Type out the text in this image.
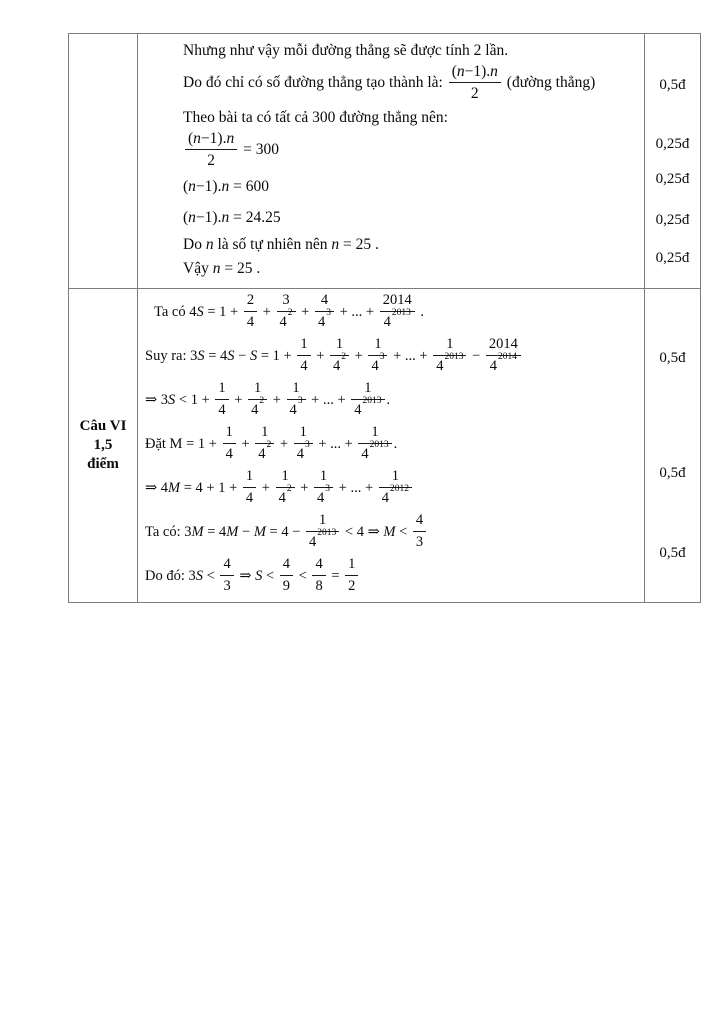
Nhưng như vậy mỗi đường thẳng sẽ được tính 2 lần.
Do đó chỉ có số đường thẳng tạo thành là: $\frac{(n-1).n}{2}$ (đường thẳng)
Theo bài ta có tất cả 300 đường thẳng nên:
$\frac{(n-1).n}{2} = 300$
(n−1).n = 600
(n−1).n = 24.25
Do n là số tự nhiên nên n = 25 .
Vậy n = 25 .
0,5đ
0,25đ
0,25đ
0,25đ
0,25đ
Câu VI
1,5
điểm
Ta có $4S = 1 + \frac{2}{4} + \frac{3}{4^2} + \frac{4}{4^3}$ + ... + $\frac{2014}{4^{2013}}$ .
Suy ra: $3S = 4S - S = 1 + \frac{1}{4} + \frac{1}{4^2} + \frac{1}{4^3}$ + ... + $\frac{1}{4^{2013}} - \frac{2014}{4^{2014}}$
⇒ $3S < 1 + \frac{1}{4} + \frac{1}{4^2} + \frac{1}{4^3}$ + ... + $\frac{1}{4^{2013}}$ .
Đặt $M = 1 + \frac{1}{4} + \frac{1}{4^2} + \frac{1}{4^3}$ + ... + $\frac{1}{4^{2013}}$ .
⇒ $4M = 4 + 1 + \frac{1}{4} + \frac{1}{4^2} + \frac{1}{4^3}$ + ... + $\frac{1}{4^{2012}}$
Ta có: $3M = 4M - M = 4 - \frac{1}{4^{2013}} < 4$ ⇒ $M < \frac{4}{3}$
Do đó: $3S < \frac{4}{3}$ ⇒ $S < \frac{4}{9} < \frac{4}{8} = \frac{1}{2}$
0,5đ
0,5đ
0,5đ
